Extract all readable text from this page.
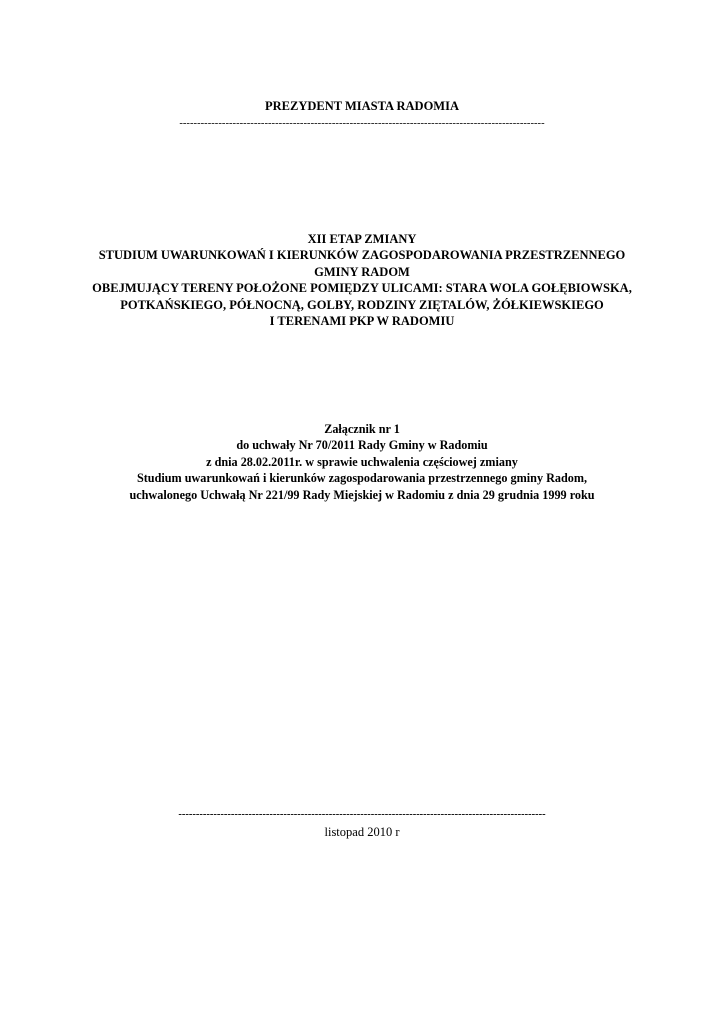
PREZYDENT MIASTA RADOMIA
-------------------------------------------------------------------------------------------------------
XII ETAP ZMIANY
STUDIUM UWARUNKOWAŃ I KIERUNKÓW ZAGOSPODAROWANIA PRZESTRZENNEGO
GMINY RADOM
OBEJMUJĄCY TERENY POŁOŻONE POMIĘDZY ULICAMI: STARA WOLA GOŁĘBIOWSKA,
POTKAŃSKIEGO, PÓŁNOCNĄ, GOLBY, RODZINY ZIĘTALÓW, ŻÓŁKIEWSKIEGO
I TERENAMI PKP W RADOMIU
Załącznik nr 1
do uchwały Nr 70/2011 Rady Gminy w Radomiu
z dnia 28.02.2011r. w sprawie uchwalenia częściowej zmiany
Studium uwarunkowań i kierunków zagospodarowania przestrzennego gminy Radom,
uchwalonego Uchwałą Nr 221/99 Rady Miejskiej w Radomiu z dnia 29 grudnia 1999 roku
---------------------------------------------------------------------------------------------------------
listopad 2010 r
